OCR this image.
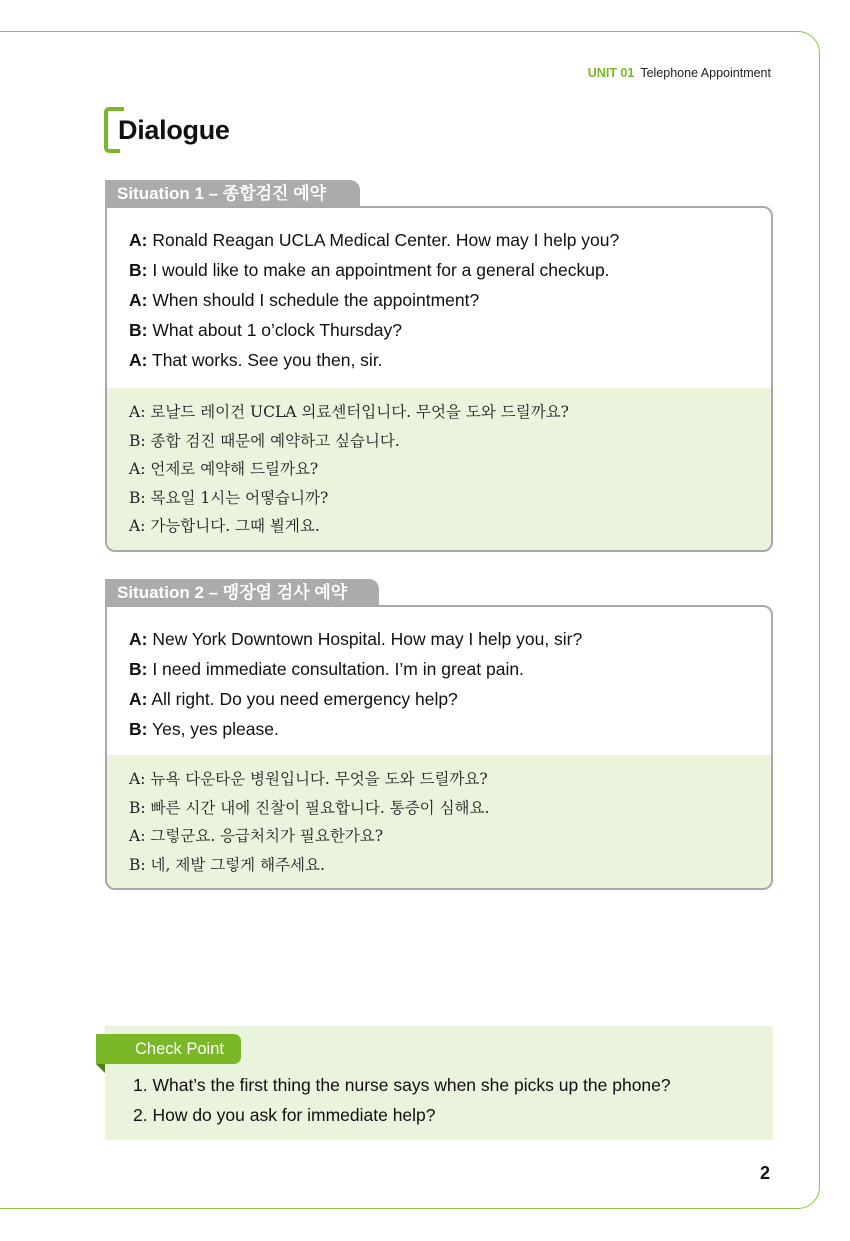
UNIT 01 Telephone Appointment
Dialogue
Situation 1 – 종합검진 예약
A: Ronald Reagan UCLA Medical Center. How may I help you?
B: I would like to make an appointment for a general checkup.
A: When should I schedule the appointment?
B: What about 1 o’clock Thursday?
A: That works. See you then, sir.
A: 로날드 레이건 UCLA 의료센터입니다. 무엇을 도와 드릴까요?
B: 종합 검진 때문에 예약하고 싶습니다.
A: 언제로 예약해 드릴까요?
B: 목요일 1시는 어떻습니까?
A: 가능합니다. 그때 뵐게요.
Situation 2 – 맹장염 검사 예약
A: New York Downtown Hospital. How may I help you, sir?
B: I need immediate consultation. I’m in great pain.
A: All right. Do you need emergency help?
B: Yes, yes please.
A: 뉴욕 다운타운 병원입니다. 무엇을 도와 드릴까요?
B: 빠른 시간 내에 진찰이 필요합니다. 통증이 심해요.
A: 그렇군요. 응급처치가 필요한가요?
B: 네, 제발 그렇게 해주세요.
Check Point
1. What’s the first thing the nurse says when she picks up the phone?
2. How do you ask for immediate help?
2
